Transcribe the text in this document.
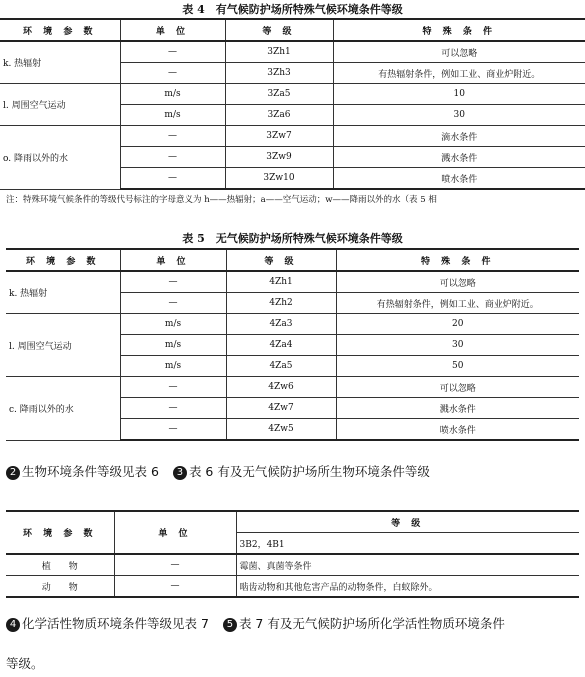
表 4　有气候防护场所特殊气候环境条件等级
环 境 参 数	单 位	等 级	特 殊 条 件
k. 热辐射	—	3Zh1	可以忽略
	—	3Zh3	有热辐射条件，例如工业、商业炉附近。
l. 周围空气运动	m/s	3Za5	10
	m/s	3Za6	30
o. 降雨以外的水	—	3Zw7	滴水条件
	—	3Zw9	溅水条件
	—	3Zw10	喷水条件
注：特殊环境气候条件的等级代号标注的字母意义为 h——热辐射；a——空气运动；w——降雨以外的水（表 5 相
表 5　无气候防护场所特殊气候环境条件等级
环 境 参 数	单 位	等 级	特 殊 条 件
k. 热辐射	—	4Zh1	可以忽略
	—	4Zh2	有热辐射条件，例如工业、商业炉附近。
l. 周围空气运动	m/s	4Za3	20
	m/s	4Za4	30
	m/s	4Za5	50
c. 降雨以外的水	—	4Zw6	可以忽略
	—	4Zw7	溅水条件
	—	4Zw5	喷水条件
2 生物环境条件等级见表 6 3 表 6 有及无气候防护场所生物环境条件等级
环 境 参 数	单 位	等 级
		3B2，4B1
植　　物	—	霉菌、真菌等条件
动　　物	—	啮齿动物和其他危害产品的动物条件，白蚁除外。
4 化学活性物质环境条件等级见表 7 5 表 7 有及无气候防护场所化学活性物质环境条件
等级。
